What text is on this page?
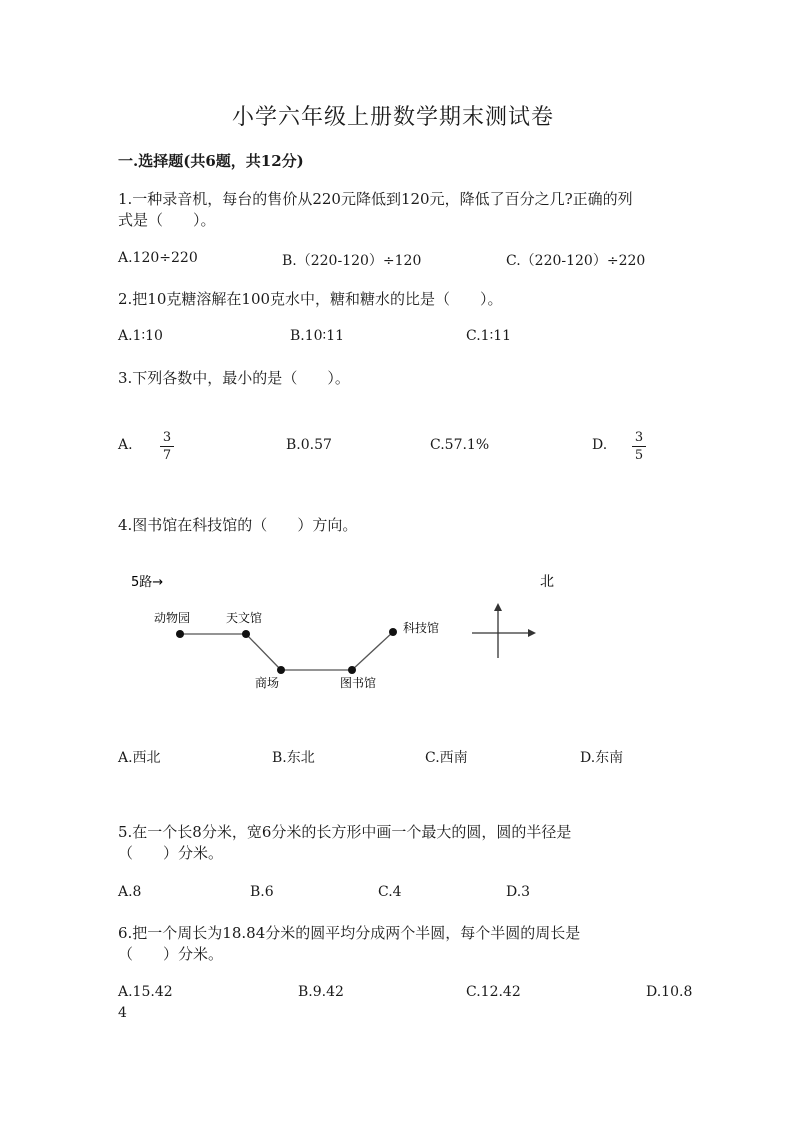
小学六年级上册数学期末测试卷
一.选择题(共6题，共12分)
1.一种录音机，每台的售价从220元降低到120元，降低了百分之几?正确的列
式是（　　）。
A.120÷220	B.（220-120）÷120	C.（220-120）÷220
2.把10克糖溶解在100克水中，糖和糖水的比是（　　）。
A.1∶10	B.10∶11	C.1∶11
3.下列各数中，最小的是（　　）。
A. 3
7
B.0.57	C.57.1%	D. 3
5
4.图书馆在科技馆的（　　）方向。
5路→	北
动物园	天文馆
商场	图书馆
科技馆
A.西北	B.东北	C.西南	D.东南
5.在一个长8分米，宽6分米的长方形中画一个最大的圆，圆的半径是
（　　）分米。
A.8	B.6	C.4	D.3
6.把一个周长为18.84分米的圆平均分成两个半圆，每个半圆的周长是
（　　）分米。
A.15.42	B.9.42	C.12.42	D.10.8
4
